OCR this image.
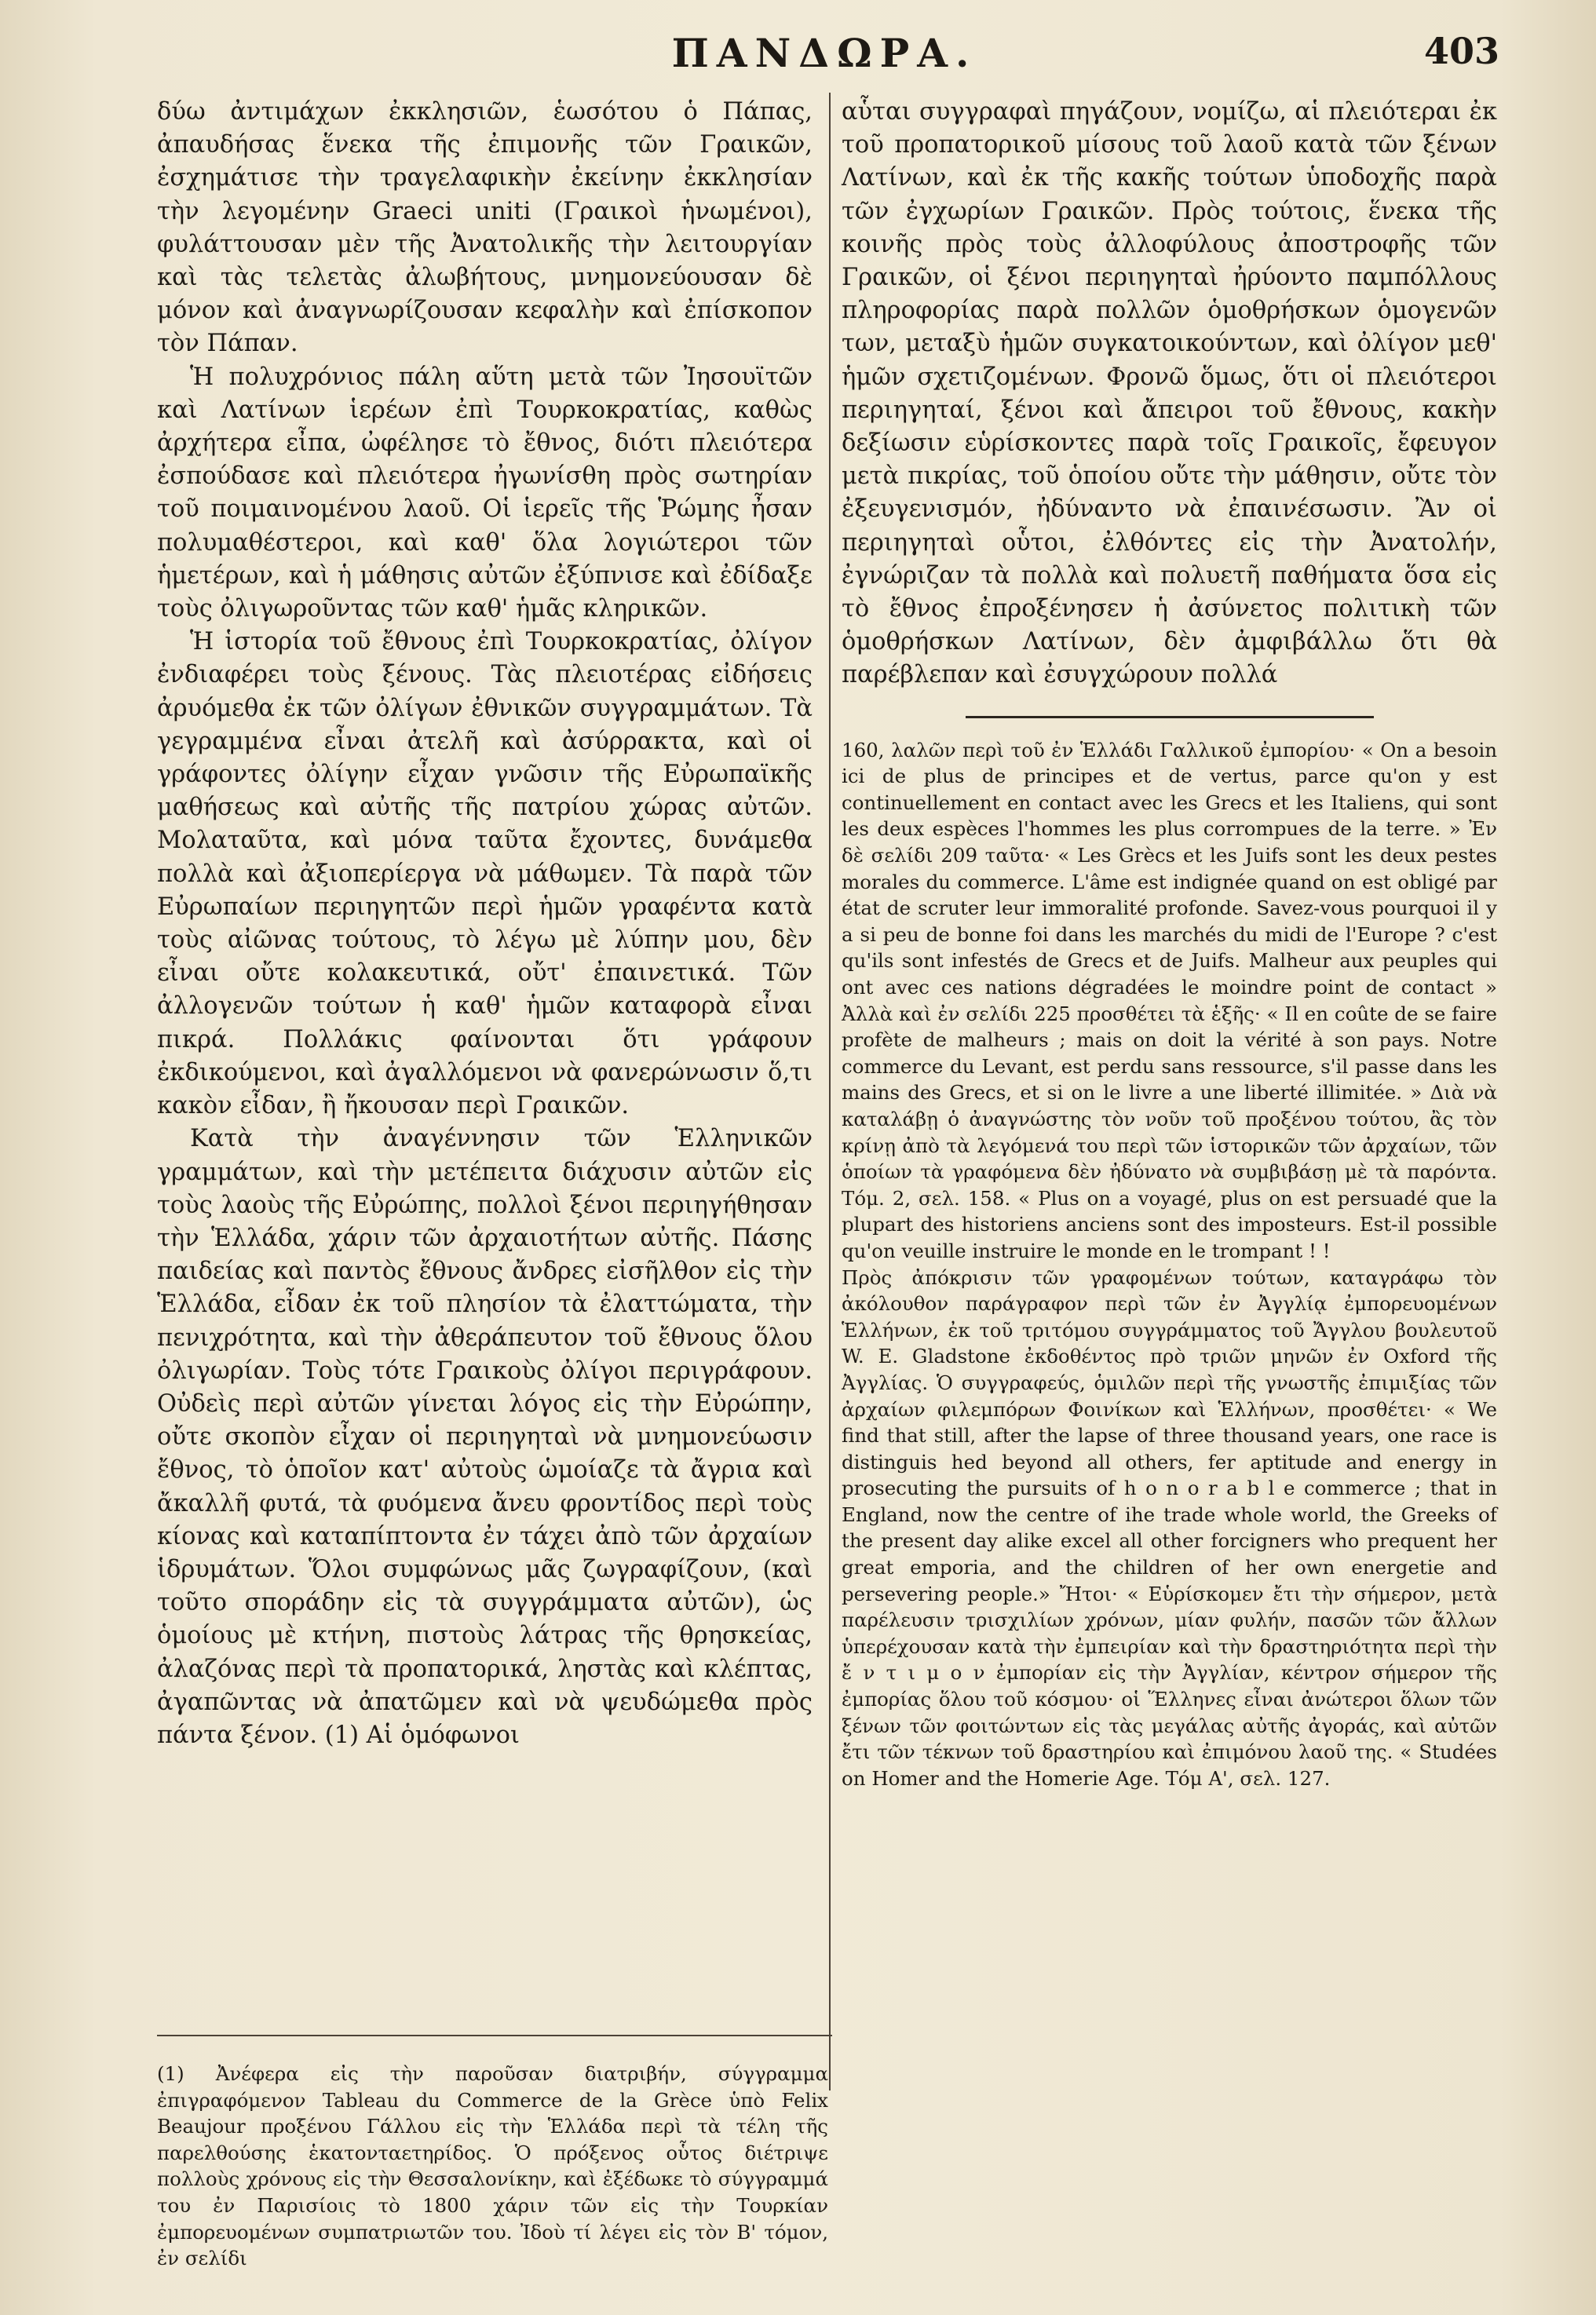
ΠΑΝΔΩΡΑ.	403

δύω ἀντιμάχων ἐκκλησιῶν, ἑωσότου ὁ Πάπας, ἀπαυδήσας ἕνεκα τῆς ἐπιμονῆς τῶν Γραικῶν, ἐσχημάτισε τὴν τραγελαφικὴν ἐκείνην ἐκκλησίαν τὴν λεγομένην Graeci uniti (Γραικοὶ ἡνωμένοι), φυλάττουσαν μὲν τῆς Ἀνατολικῆς τὴν λειτουργίαν καὶ τὰς τελετὰς ἀλωβήτους, μνημονεύουσαν δὲ μόνον καὶ ἀναγνωρίζουσαν κεφαλὴν καὶ ἐπίσκοπον τὸν Πάπαν.

Ἡ πολυχρόνιος πάλη αὕτη μετὰ τῶν Ἰησουϊτῶν καὶ Λατίνων ἱερέων ἐπὶ Τουρκοκρατίας, καθὼς ἀρχήτερα εἶπα, ὠφέλησε τὸ ἔθνος, διότι πλειότερα ἐσπούδασε καὶ πλειότερα ἠγωνίσθη πρὸς σωτηρίαν τοῦ ποιμαινομένου λαοῦ. Οἱ ἱερεῖς τῆς Ῥώμης ἦσαν πολυμαθέστεροι, καὶ καθ' ὅλα λογιώτεροι τῶν ἡμετέρων, καὶ ἡ μάθησις αὐτῶν ἐξύπνισε καὶ ἐδίδαξε τοὺς ὀλιγωροῦντας τῶν καθ' ἡμᾶς κληρικῶν.

Ἡ ἱστορία τοῦ ἔθνους ἐπὶ Τουρκοκρατίας, ὀλίγον ἐνδιαφέρει τοὺς ξένους. Τὰς πλειοτέρας εἰδήσεις ἀρυόμεθα ἐκ τῶν ὀλίγων ἐθνικῶν συγγραμμάτων. Τὰ γεγραμμένα εἶναι ἀτελῆ καὶ ἀσύρρακτα, καὶ οἱ γράφοντες ὀλίγην εἶχαν γνῶσιν τῆς Εὐρωπαϊκῆς μαθήσεως καὶ αὐτῆς τῆς πατρίου χώρας αὐτῶν. Μολαταῦτα, καὶ μόνα ταῦτα ἔχοντες, δυνάμεθα πολλὰ καὶ ἀξιοπερίεργα νὰ μάθωμεν. Τὰ παρὰ τῶν Εὐρωπαίων περιηγητῶν περὶ ἡμῶν γραφέντα κατὰ τοὺς αἰῶνας τούτους, τὸ λέγω μὲ λύπην μου, δὲν εἶναι οὔτε κολακευτικά, οὔτ' ἐπαινετικά. Τῶν ἀλλογενῶν τούτων ἡ καθ' ἡμῶν καταφορὰ εἶναι πικρά. Πολλάκις φαίνονται ὅτι γράφουν ἐκδικούμενοι, καὶ ἀγαλλόμενοι νὰ φανερώνωσιν ὅ,τι κακὸν εἶδαν, ἢ ἤκουσαν περὶ Γραικῶν.

Κατὰ τὴν ἀναγέννησιν τῶν Ἑλληνικῶν γραμμάτων, καὶ τὴν μετέπειτα διάχυσιν αὐτῶν εἰς τοὺς λαοὺς τῆς Εὐρώπης, πολλοὶ ξένοι περιηγήθησαν τὴν Ἑλλάδα, χάριν τῶν ἀρχαιοτήτων αὐτῆς. Πάσης παιδείας καὶ παντὸς ἔθνους ἄνδρες εἰσῆλθον εἰς τὴν Ἑλλάδα, εἶδαν ἐκ τοῦ πλησίον τὰ ἐλαττώματα, τὴν πενιχρότητα, καὶ τὴν ἀθεράπευτον τοῦ ἔθνους ὅλου ὀλιγωρίαν. Τοὺς τότε Γραικοὺς ὀλίγοι περιγράφουν. Οὐδεὶς περὶ αὐτῶν γίνεται λόγος εἰς τὴν Εὐρώπην, οὔτε σκοπὸν εἶχαν οἱ περιηγηταὶ νὰ μνημονεύωσιν ἔθνος, τὸ ὁποῖον κατ' αὐτοὺς ὡμοίαζε τὰ ἄγρια καὶ ἄκαλλῆ φυτά, τὰ φυόμενα ἄνευ φροντίδος περὶ τοὺς κίονας καὶ καταπίπτοντα ἐν τάχει ἀπὸ τῶν ἀρχαίων ἱδρυμάτων. Ὅλοι συμφώνως μᾶς ζωγραφίζουν, (καὶ τοῦτο σποράδην εἰς τὰ συγγράμματα αὐτῶν), ὡς ὁμοίους μὲ κτήνη, πιστοὺς λάτρας τῆς θρησκείας, ἀλαζόνας περὶ τὰ προπατορικά, ληστὰς καὶ κλέπτας, ἀγαπῶντας νὰ ἀπατῶμεν καὶ νὰ ψευδώμεθα πρὸς πάντα ξένον. (1) Αἱ ὁμόφωνοι

(1) Ἀνέφερα εἰς τὴν παροῦσαν διατριβήν, σύγγραμμα ἐπιγραφόμενον Tableau du Commerce de la Grèce ὑπὸ Felix Beaujour προξένου Γάλλου εἰς τὴν Ἑλλάδα περὶ τὰ τέλη τῆς παρελθούσης ἑκατονταετηρίδος. Ὁ πρόξενος οὗτος διέτριψε πολλοὺς χρόνους εἰς τὴν Θεσσαλονίκην, καὶ ἐξέδωκε τὸ σύγγραμμά του ἐν Παρισίοις τὸ 1800 χάριν τῶν εἰς τὴν Τουρκίαν ἐμπορευομένων συμπατριωτῶν του. Ἰδοὺ τί λέγει εἰς τὸν Β' τόμον, ἐν σελίδι

αὗται συγγραφαὶ πηγάζουν, νομίζω, αἱ πλειότεραι ἐκ τοῦ προπατορικοῦ μίσους τοῦ λαοῦ κατὰ τῶν ξένων Λατίνων, καὶ ἐκ τῆς κακῆς τούτων ὑποδοχῆς παρὰ τῶν ἐγχωρίων Γραικῶν. Πρὸς τούτοις, ἕνεκα τῆς κοινῆς πρὸς τοὺς ἀλλοφύλους ἀποστροφῆς τῶν Γραικῶν, οἱ ξένοι περιηγηταὶ ἠρύοντο παμπόλλους πληροφορίας παρὰ πολλῶν ὁμοθρήσκων ὁμογενῶν των, μεταξὺ ἡμῶν συγκατοικούντων, καὶ ὀλίγον μεθ' ἡμῶν σχετιζομένων. Φρονῶ ὅμως, ὅτι οἱ πλειότεροι περιηγηταί, ξένοι καὶ ἄπειροι τοῦ ἔθνους, κακὴν δεξίωσιν εὑρίσκοντες παρὰ τοῖς Γραικοῖς, ἔφευγον μετὰ πικρίας, τοῦ ὁποίου οὔτε τὴν μάθησιν, οὔτε τὸν ἐξευγενισμόν, ἠδύναντο νὰ ἐπαινέσωσιν. Ἂν οἱ περιηγηταὶ οὗτοι, ἐλθόντες εἰς τὴν Ἀνατολήν, ἐγνώριζαν τὰ πολλὰ καὶ πολυετῆ παθήματα ὅσα εἰς τὸ ἔθνος ἐπροξένησεν ἡ ἀσύνετος πολιτικὴ τῶν ὁμοθρήσκων Λατίνων, δὲν ἀμφιβάλλω ὅτι θὰ παρέβλεπαν καὶ ἐσυγχώρουν πολλά

160, λαλῶν περὶ τοῦ ἐν Ἑλλάδι Γαλλικοῦ ἐμπορίου· « On a besoin ici de plus de principes et de vertus, parce qu'on y est continuellement en contact avec les Grecs et les Italiens, qui sont les deux espèces l'hommes les plus corrompues de la terre. » Ἐν δὲ σελίδι 209 ταῦτα· « Les Grècs et les Juifs sont les deux pestes morales du commerce. L'âme est indignée quand on est obligé par état de scruter leur immoralité profonde. Savez-vous pourquoi il y a si peu de bonne foi dans les marchés du midi de l'Europe ? c'est qu'ils sont infestés de Grecs et de Juifs. Malheur aux peuples qui ont avec ces nations dégradées le moindre point de contact » Ἀλλὰ καὶ ἐν σελίδι 225 προσθέτει τὰ ἑξῆς· « Il en coûte de se faire profète de malheurs ; mais on doit la vérité à son pays. Notre commerce du Levant, est perdu sans ressource, s'il passe dans les mains des Grecs, et si on le livre a une liberté illimitée. » Διὰ νὰ καταλάβῃ ὁ ἀναγνώστης τὸν νοῦν τοῦ προξένου τούτου, ἂς τὸν κρίνῃ ἀπὸ τὰ λεγόμενά του περὶ τῶν ἱστορικῶν τῶν ἀρχαίων, τῶν ὁποίων τὰ γραφόμενα δὲν ἠδύνατο νὰ συμβιβάσῃ μὲ τὰ παρόντα. Τόμ. 2, σελ. 158. « Plus on a voyagé, plus on est persuadé que la plupart des historiens anciens sont des imposteurs. Est-il possible qu'on veuille instruire le monde en le trompant ! !

Πρὸς ἀπόκρισιν τῶν γραφομένων τούτων, καταγράφω τὸν ἀκόλουθον παράγραφον περὶ τῶν ἐν Ἀγγλίᾳ ἐμπορευομένων Ἑλλήνων, ἐκ τοῦ τριτόμου συγγράμματος τοῦ Ἄγγλου βουλευτοῦ W. E. Gladstone ἐκδοθέντος πρὸ τριῶν μηνῶν ἐν Oxford τῆς Ἀγγλίας. Ὁ συγγραφεύς, ὁμιλῶν περὶ τῆς γνωστῆς ἐπιμιξίας τῶν ἀρχαίων φιλεμπόρων Φοινίκων καὶ Ἑλλήνων, προσθέτει· « We find that still, after the lapse of three thousand years, one race is distinguis hed beyond all others, fer aptitude and energy in prosecuting the pursuits of h o n o r a b l e commerce ; that in England, now the centre of ihe trade whole world, the Greeks of the present day alike excel all other forcigners who prequent her great emporia, and the children of her own energetie and persevering people.» Ἤτοι· « Εὑρίσκομεν ἔτι τὴν σήμερον, μετὰ παρέλευσιν τρισχιλίων χρόνων, μίαν φυλήν, πασῶν τῶν ἄλλων ὑπερέχουσαν κατὰ τὴν ἐμπειρίαν καὶ τὴν δραστηριότητα περὶ τὴν ἔ ν τ ι μ ο ν ἐμπορίαν εἰς τὴν Ἀγγλίαν, κέντρον σήμερον τῆς ἐμπορίας ὅλου τοῦ κόσμου· οἱ Ἕλληνες εἶναι ἀνώτεροι ὅλων τῶν ξένων τῶν φοιτώντων εἰς τὰς μεγάλας αὐτῆς ἀγοράς, καὶ αὐτῶν ἔτι τῶν τέκνων τοῦ δραστηρίου καὶ ἐπιμόνου λαοῦ της. « Studées on Homer and the Homerie Age. Τόμ Α', σελ. 127.
